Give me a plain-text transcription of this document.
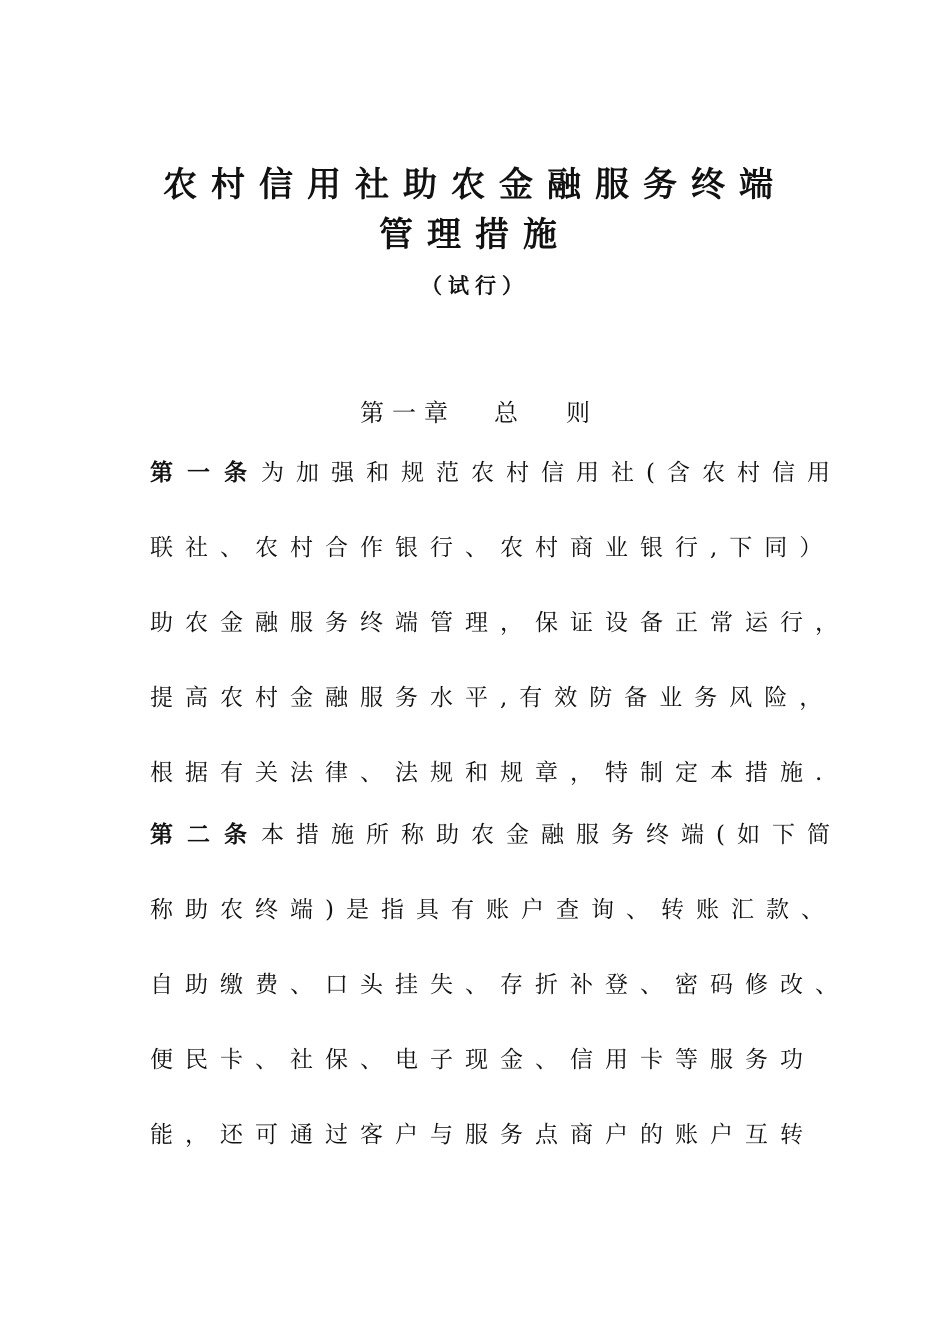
农村信用社助农金融服务终端
管理措施
（试行）
第一章 总 则
第一条为加强和规范农村信用社(含农村信用
联社、农村合作银行、农村商业银行,下同）
助农金融服务终端管理，保证设备正常运行，
提高农村金融服务水平,有效防备业务风险，
根据有关法律、法规和规章，特制定本措施.
第二条本措施所称助农金融服务终端(如下简
称助农终端)是指具有账户查询、转账汇款、
自助缴费、口头挂失、存折补登、密码修改、
便民卡、社保、电子现金、信用卡等服务功
能，还可通过客户与服务点商户的账户互转
